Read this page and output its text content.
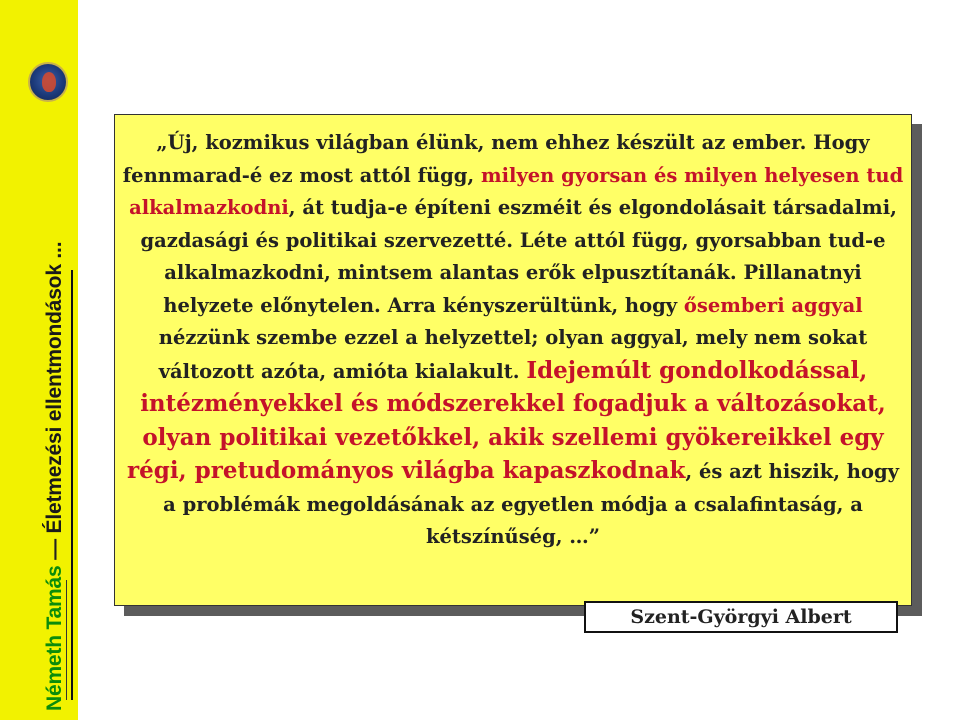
Németh Tamás — Életmezési ellentmondások ...

„Új, kozmikus világban élünk, nem ehhez készült az ember. Hogy fennmarad-é ez most attól függ, milyen gyorsan és milyen helyesen tud alkalmazkodni, át tudja-e építeni eszméit és elgondolásait társadalmi, gazdasági és politikai szervezetté. Léte attól függ, gyorsabban tud-e alkalmazkodni, mintsem alantas erők elpusztítanák. Pillanatnyi helyzete előnytelen. Arra kényszerültünk, hogy ősemberi aggyal nézzünk szembe ezzel a helyzettel; olyan aggyal, mely nem sokat változott azóta, amióta kialakult. Idejemúlt gondolkodással, intézményekkel és módszerekkel fogadjuk a változásokat, olyan politikai vezetőkkel, akik szellemi gyökereikkel egy régi, pretudományos világba kapaszkodnak, és azt hiszik, hogy a problémák megoldásának az egyetlen módja a csalafintaság, a kétszínűség, …”

Szent-Györgyi Albert
